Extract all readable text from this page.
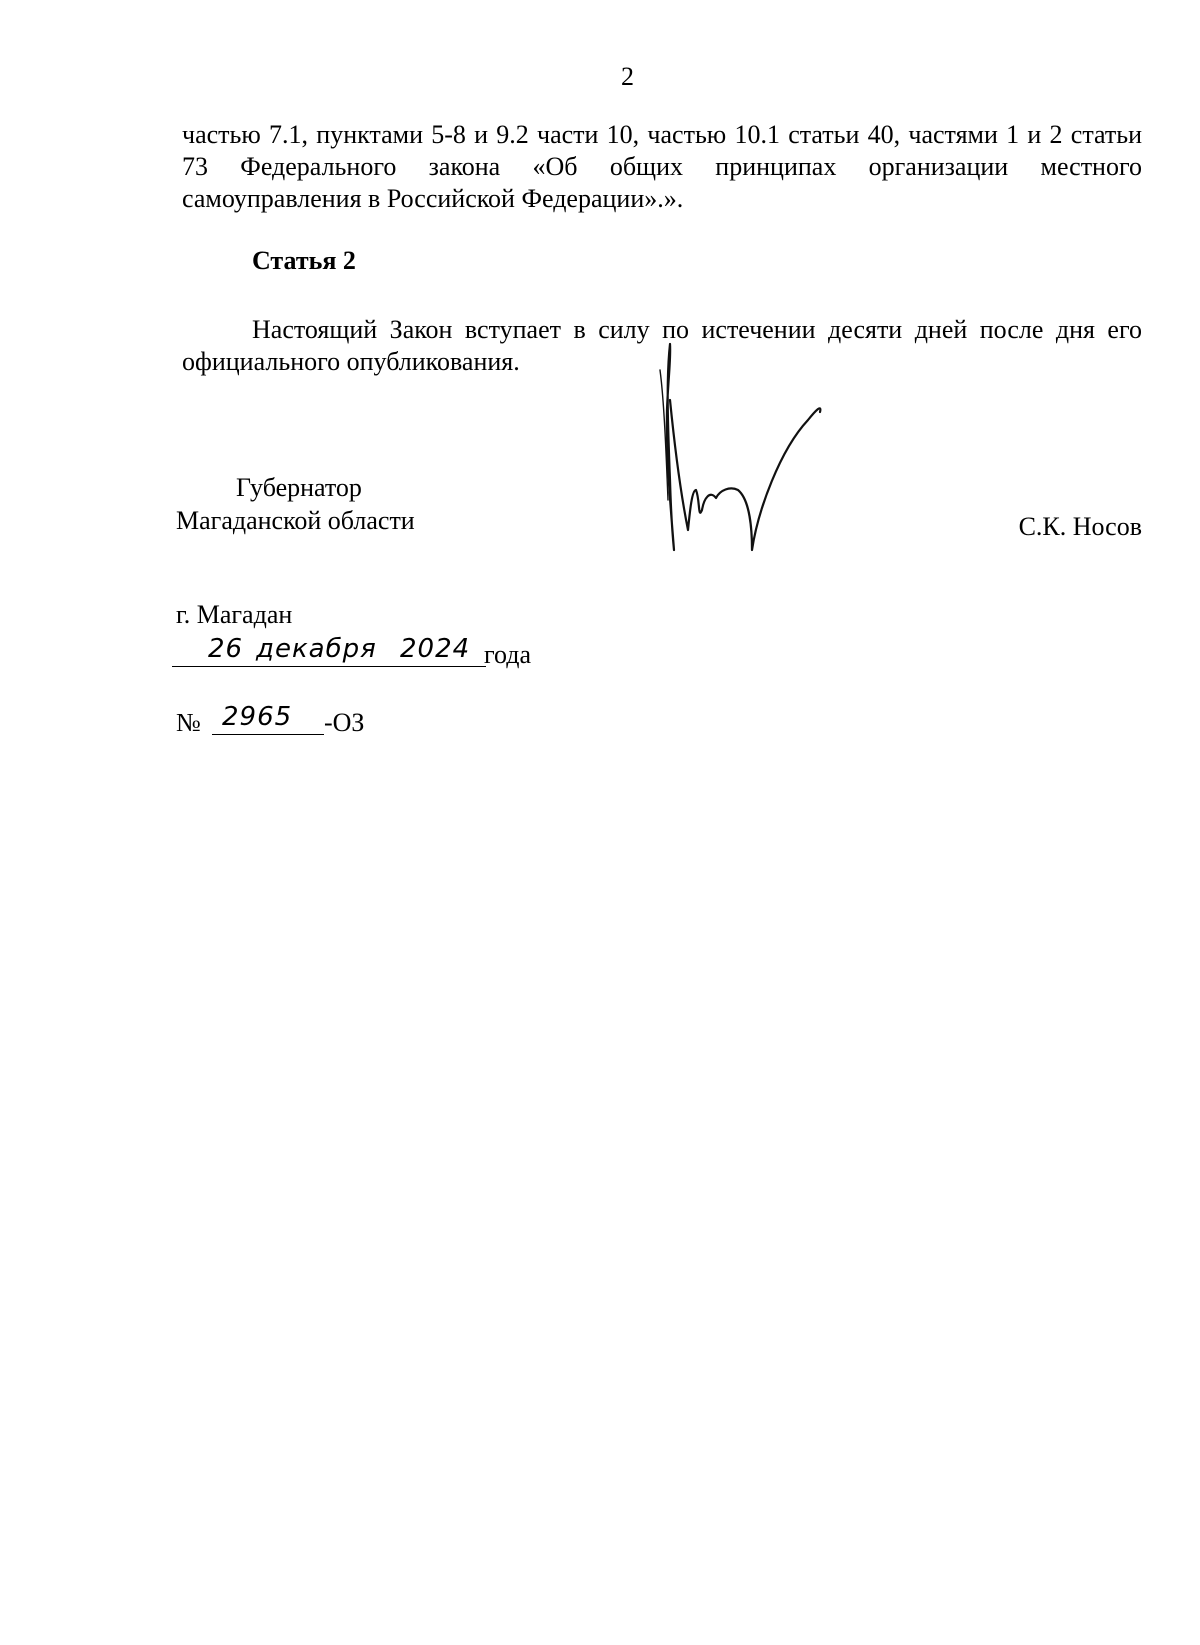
2
частью 7.1, пунктами 5-8 и 9.2 части 10, частью 10.1 статьи 40, частями 1 и 2 статьи 73 Федерального закона «Об общих принципах организации местного самоуправления в Российской Федерации».».
Статья 2
Настоящий Закон вступает в силу по истечении десяти дней после дня его официального опубликования.
Губернатор
Магаданской области	С.К. Носов
г. Магадан
26 декабря 2024 года
№ 2965 -ОЗ
